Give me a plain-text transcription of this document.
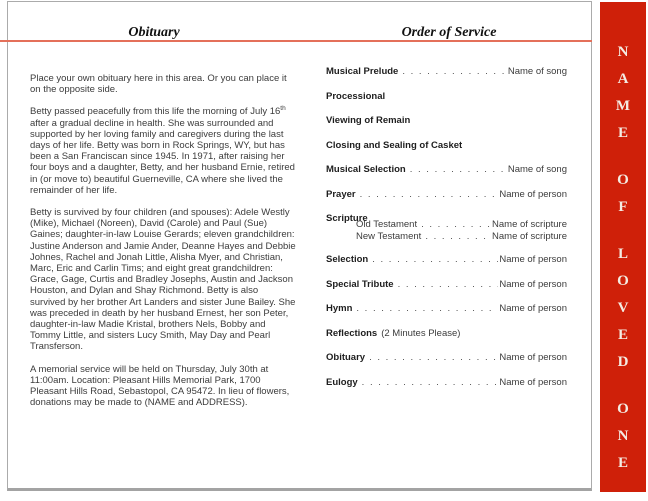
Obituary	Order of Service

Place your own obituary here in this area. Or you can place it on the opposite side.

Betty passed peacefully from this life the morning of July 16th after a gradual decline in health. She was surrounded and supported by her loving family and caregivers during the last days of her life. Betty was born in Rock Springs, WY, but has been a San Franciscan since 1945. In 1971, after raising her four boys and a daughter, Betty, and her husband Ernie, retired in (or move to) beautiful Guerneville, CA where she lived the remainder of her life.

Betty is survived by four children (and spouses): Adele Westly (Mike), Michael (Noreen), David (Carole) and Paul (Sue) Gaines; daughter-in-law Louise Gerards; eleven grandchildren: Justine Anderson and Jamie Ander, Deanne Hayes and Debbie Johnes, Rachel and Jonah Little, Alisha Myer, and Christian, Marc, Eric and Carlin Tims; and eight great grandchildren: Grace, Gage, Curtis and Bradley Josephs, Austin and Jackson Houston, and Dylan and Shay Richmond. Betty is also survived by her brother Art Landers and sister June Bailey. She was preceded in death by her husband Ernest, her son Peter, daughter-in-law Madie Kristal, brothers Nels, Bobby and Tommy Little, and sisters Lucy Smith, May Day and Pearl Transferson.

A memorial service will be held on Thursday, July 30th at 11:00am. Location: Pleasant Hills Memorial Park, 1700 Pleasant Hills Road, Sebastopol, CA 95472. In lieu of flowers, donations may be made to (NAME and ADDRESS).

Musical Prelude . . .	Name of song
Processional
Viewing of Remain
Closing and Sealing of Casket
Musical Selection . . .	Name of song
Prayer . . .	Name of person
Scripture
Old Testament . . .	Name of scripture
New Testament . . .	Name of scripture
Selection . . .	Name of person
Special Tribute . . .	Name of person
Hymn . . .	Name of person
Reflections (2 Minutes Please)
Obituary . . .	Name of person
Eulogy . . .	Name of person
NAME
OF
LOVED
ONE
